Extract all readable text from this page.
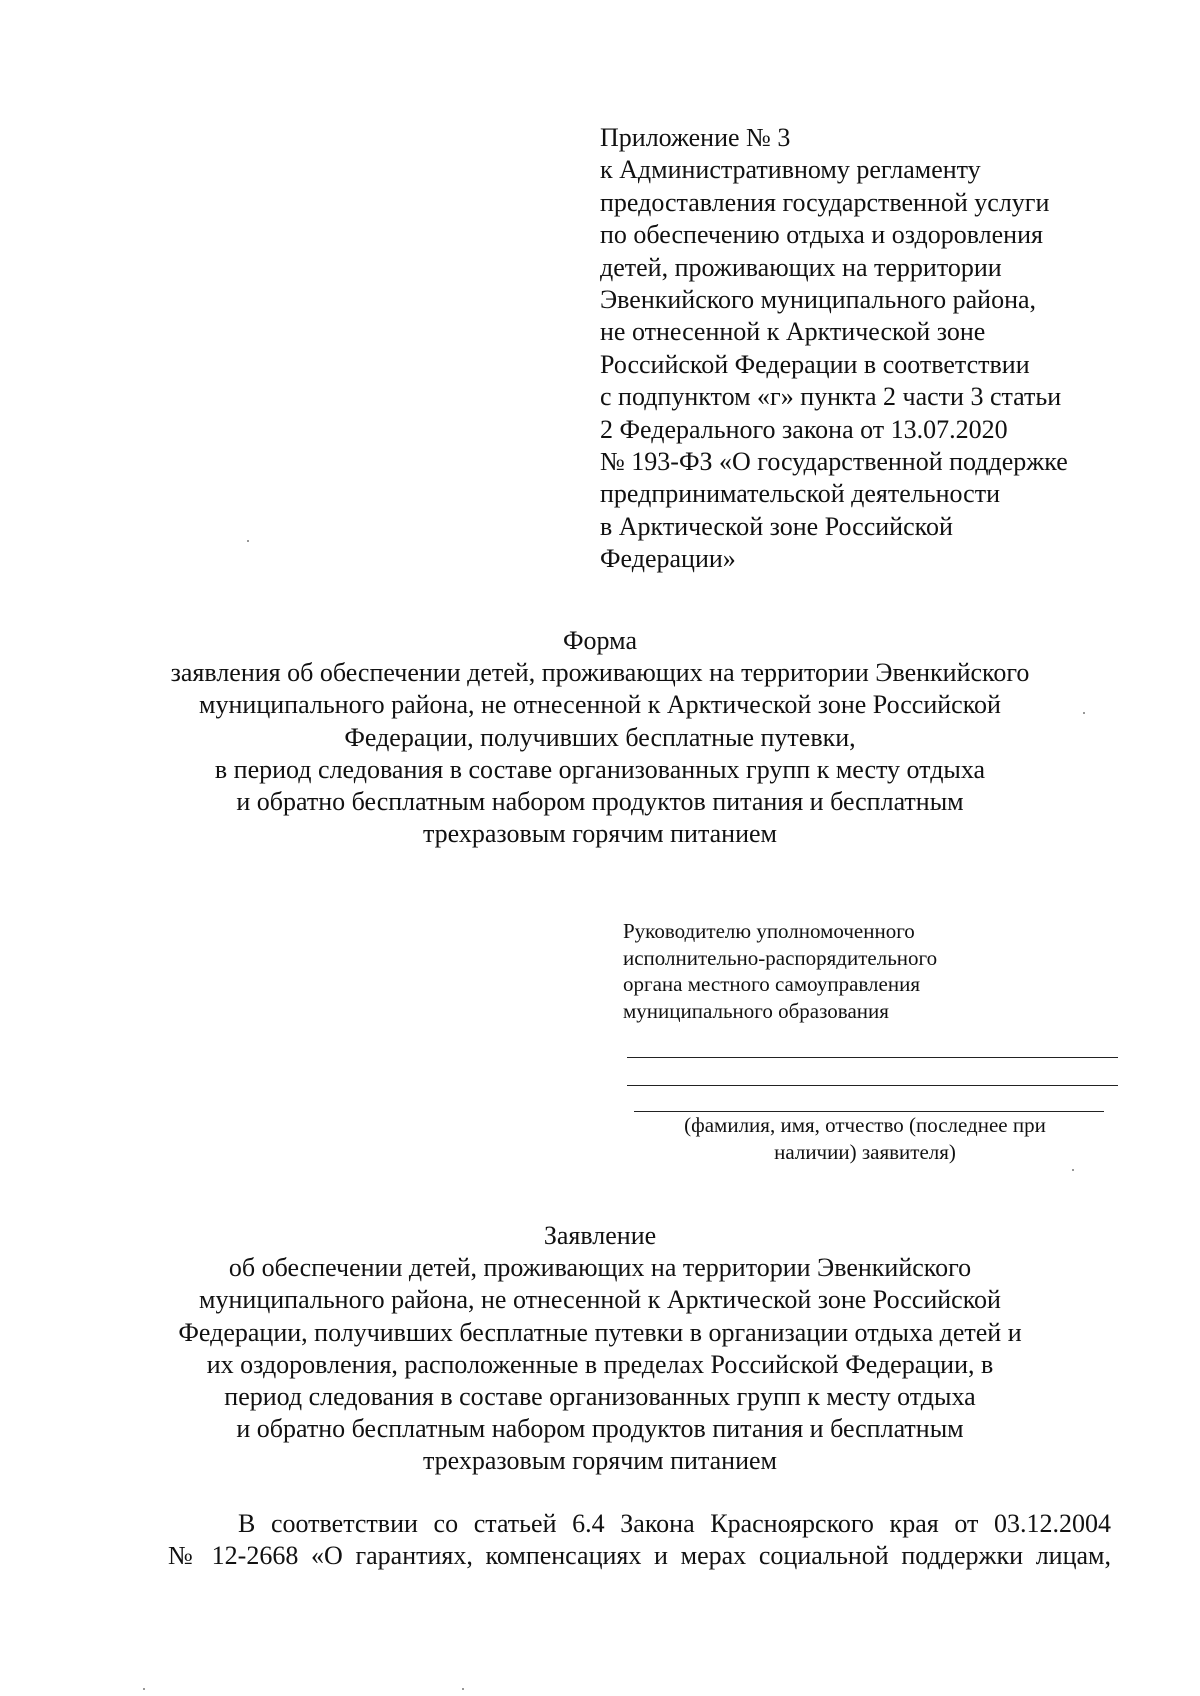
Приложение № 3
к Административному регламенту
предоставления государственной услуги
по обеспечению отдыха и оздоровления
детей, проживающих на территории
Эвенкийского муниципального района,
не отнесенной к Арктической зоне
Российской Федерации в соответствии
с подпунктом «г» пункта 2 части 3 статьи
2 Федерального закона от 13.07.2020
№ 193-ФЗ «О государственной поддержке
предпринимательской деятельности
в Арктической зоне Российской
Федерации»
Форма
заявления об обеспечении детей, проживающих на территории Эвенкийского
муниципального района, не отнесенной к Арктической зоне Российской
Федерации, получивших бесплатные путевки,
в период следования в составе организованных групп к месту отдыха
и обратно бесплатным набором продуктов питания и бесплатным
трехразовым горячим питанием
Руководителю уполномоченного
исполнительно-распорядительного
органа местного самоуправления
муниципального образования
(фамилия, имя, отчество (последнее при
наличии) заявителя)
Заявление
об обеспечении детей, проживающих на территории Эвенкийского
муниципального района, не отнесенной к Арктической зоне Российской
Федерации, получивших бесплатные путевки в организации отдыха детей и
их оздоровления, расположенные в пределах Российской Федерации, в
период следования в составе организованных групп к месту отдыха
и обратно бесплатным набором продуктов питания и бесплатным
трехразовым горячим питанием
В соответствии со статьей 6.4 Закона Красноярского края от 03.12.2004
№ 12-2668 «О гарантиях, компенсациях и мерах социальной поддержки лицам,
